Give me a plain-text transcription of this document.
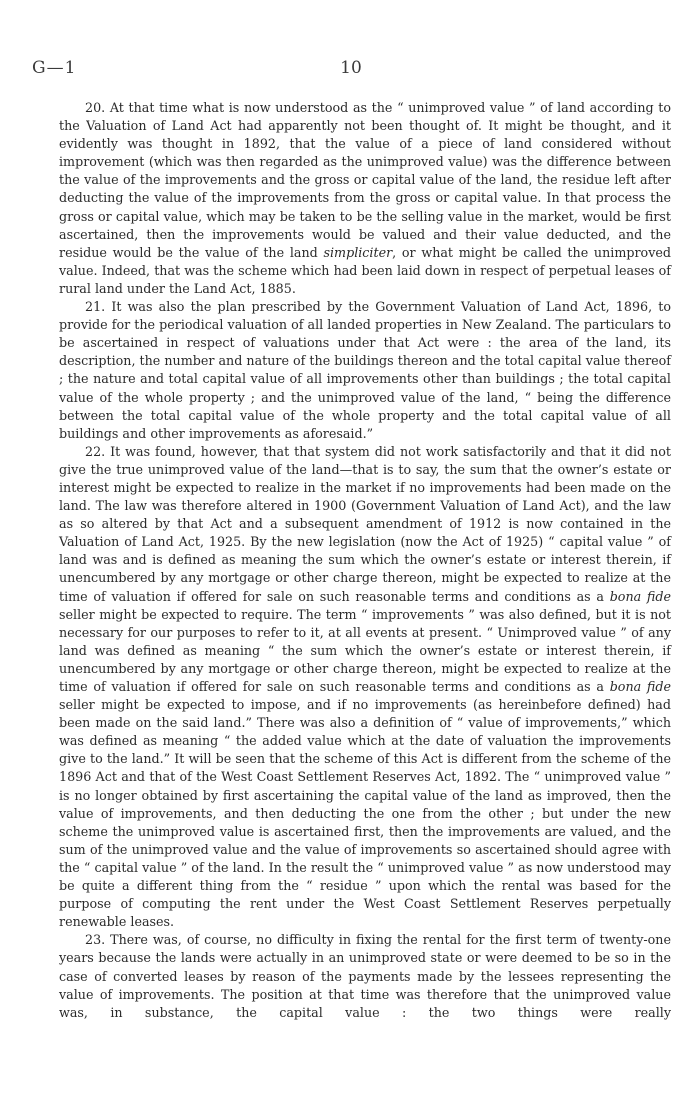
G—1	10

20. At that time what is now understood as the “ unimproved value ” of land according to the Valuation of Land Act had apparently not been thought of. It might be thought, and it evidently was thought in 1892, that the value of a piece of land considered without improvement (which was then regarded as the unimproved value) was the difference between the value of the improvements and the gross or capital value of the land, the residue left after deducting the value of the improvements from the gross or capital value. In that process the gross or capital value, which may be taken to be the selling value in the market, would be first ascertained, then the improvements would be valued and their value deducted, and the residue would be the value of the land simpliciter, or what might be called the unimproved value. Indeed, that was the scheme which had been laid down in respect of perpetual leases of rural land under the Land Act, 1885.

21. It was also the plan prescribed by the Government Valuation of Land Act, 1896, to provide for the periodical valuation of all landed properties in New Zealand. The particulars to be ascertained in respect of valuations under that Act were : the area of the land, its description, the number and nature of the buildings thereon and the total capital value thereof ; the nature and total capital value of all improvements other than buildings ; the total capital value of the whole property ; and the unimproved value of the land, “ being the difference between the total capital value of the whole property and the total capital value of all buildings and other improvements as aforesaid.”

22. It was found, however, that that system did not work satisfactorily and that it did not give the true unimproved value of the land—that is to say, the sum that the owner’s estate or interest might be expected to realize in the market if no improvements had been made on the land. The law was therefore altered in 1900 (Government Valuation of Land Act), and the law as so altered by that Act and a subsequent amendment of 1912 is now contained in the Valuation of Land Act, 1925. By the new legislation (now the Act of 1925) “ capital value ” of land was and is defined as meaning the sum which the owner’s estate or interest therein, if unencumbered by any mortgage or other charge thereon, might be expected to realize at the time of valuation if offered for sale on such reasonable terms and conditions as a bona fide seller might be expected to require. The term “ improvements ” was also defined, but it is not necessary for our purposes to refer to it, at all events at present. “ Unimproved value ” of any land was defined as meaning “ the sum which the owner’s estate or interest therein, if unencumbered by any mortgage or other charge thereon, might be expected to realize at the time of valuation if offered for sale on such reasonable terms and conditions as a bona fide seller might be expected to impose, and if no improvements (as hereinbefore defined) had been made on the said land.” There was also a definition of “ value of improvements,” which was defined as meaning “ the added value which at the date of valuation the improvements give to the land.” It will be seen that the scheme of this Act is different from the scheme of the 1896 Act and that of the West Coast Settlement Reserves Act, 1892. The “ unimproved value ” is no longer obtained by first ascertaining the capital value of the land as improved, then the value of improvements, and then deducting the one from the other ; but under the new scheme the unimproved value is ascertained first, then the improvements are valued, and the sum of the unimproved value and the value of improvements so ascertained should agree with the “ capital value ” of the land. In the result the “ unimproved value ” as now understood may be quite a different thing from the “ residue ” upon which the rental was based for the purpose of computing the rent under the West Coast Settlement Reserves perpetually renewable leases.

23. There was, of course, no difficulty in fixing the rental for the first term of twenty-one years because the lands were actually in an unimproved state or were deemed to be so in the case of converted leases by reason of the payments made by the lessees representing the value of improvements. The position at that time was therefore that the unimproved value was, in substance, the capital value : the two things were really
